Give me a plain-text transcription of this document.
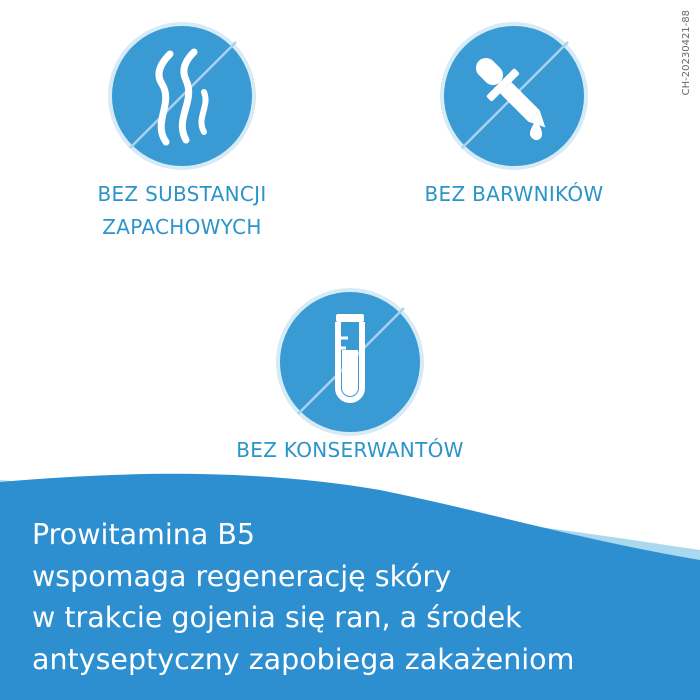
CH-20230421-88
BEZ SUBSTANCJI
ZAPACHOWYCH
BEZ BARWNIKÓW
BEZ KONSERWANTÓW

Prowitamina B5
wspomaga regenerację skóry
w trakcie gojenia się ran, a środek
antyseptyczny zapobiega zakażeniom
